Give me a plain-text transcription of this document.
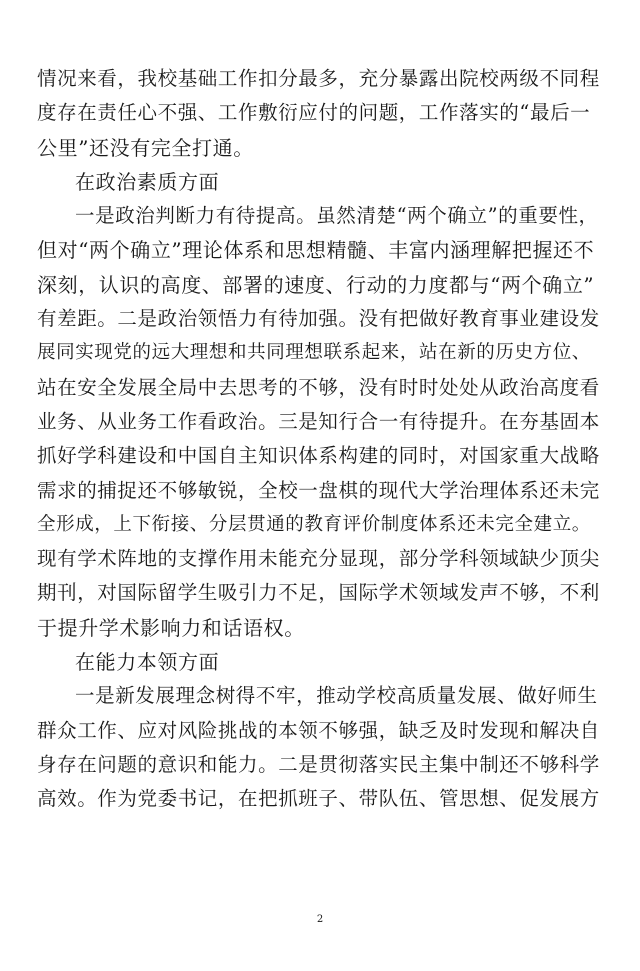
情况来看，我校基础工作扣分最多，充分暴露出院校两级不同程
度存在责任心不强、工作敷衍应付的问题，工作落实的“最后一
公里”还没有完全打通。
在政治素质方面
一是政治判断力有待提高。虽然清楚“两个确立”的重要性，
但对“两个确立”理论体系和思想精髓、丰富内涵理解把握还不
深刻，认识的高度、部署的速度、行动的力度都与“两个确立”
有差距。二是政治领悟力有待加强。没有把做好教育事业建设发
展同实现党的远大理想和共同理想联系起来，站在新的历史方位、
站在安全发展全局中去思考的不够，没有时时处处从政治高度看
业务、从业务工作看政治。三是知行合一有待提升。在夯基固本
抓好学科建设和中国自主知识体系构建的同时，对国家重大战略
需求的捕捉还不够敏锐，全校一盘棋的现代大学治理体系还未完
全形成，上下衔接、分层贯通的教育评价制度体系还未完全建立。
现有学术阵地的支撑作用未能充分显现，部分学科领域缺少顶尖
期刊，对国际留学生吸引力不足，国际学术领域发声不够，不利
于提升学术影响力和话语权。
在能力本领方面
一是新发展理念树得不牢，推动学校高质量发展、做好师生
群众工作、应对风险挑战的本领不够强，缺乏及时发现和解决自
身存在问题的意识和能力。二是贯彻落实民主集中制还不够科学
高效。作为党委书记，在把抓班子、带队伍、管思想、促发展方
2
